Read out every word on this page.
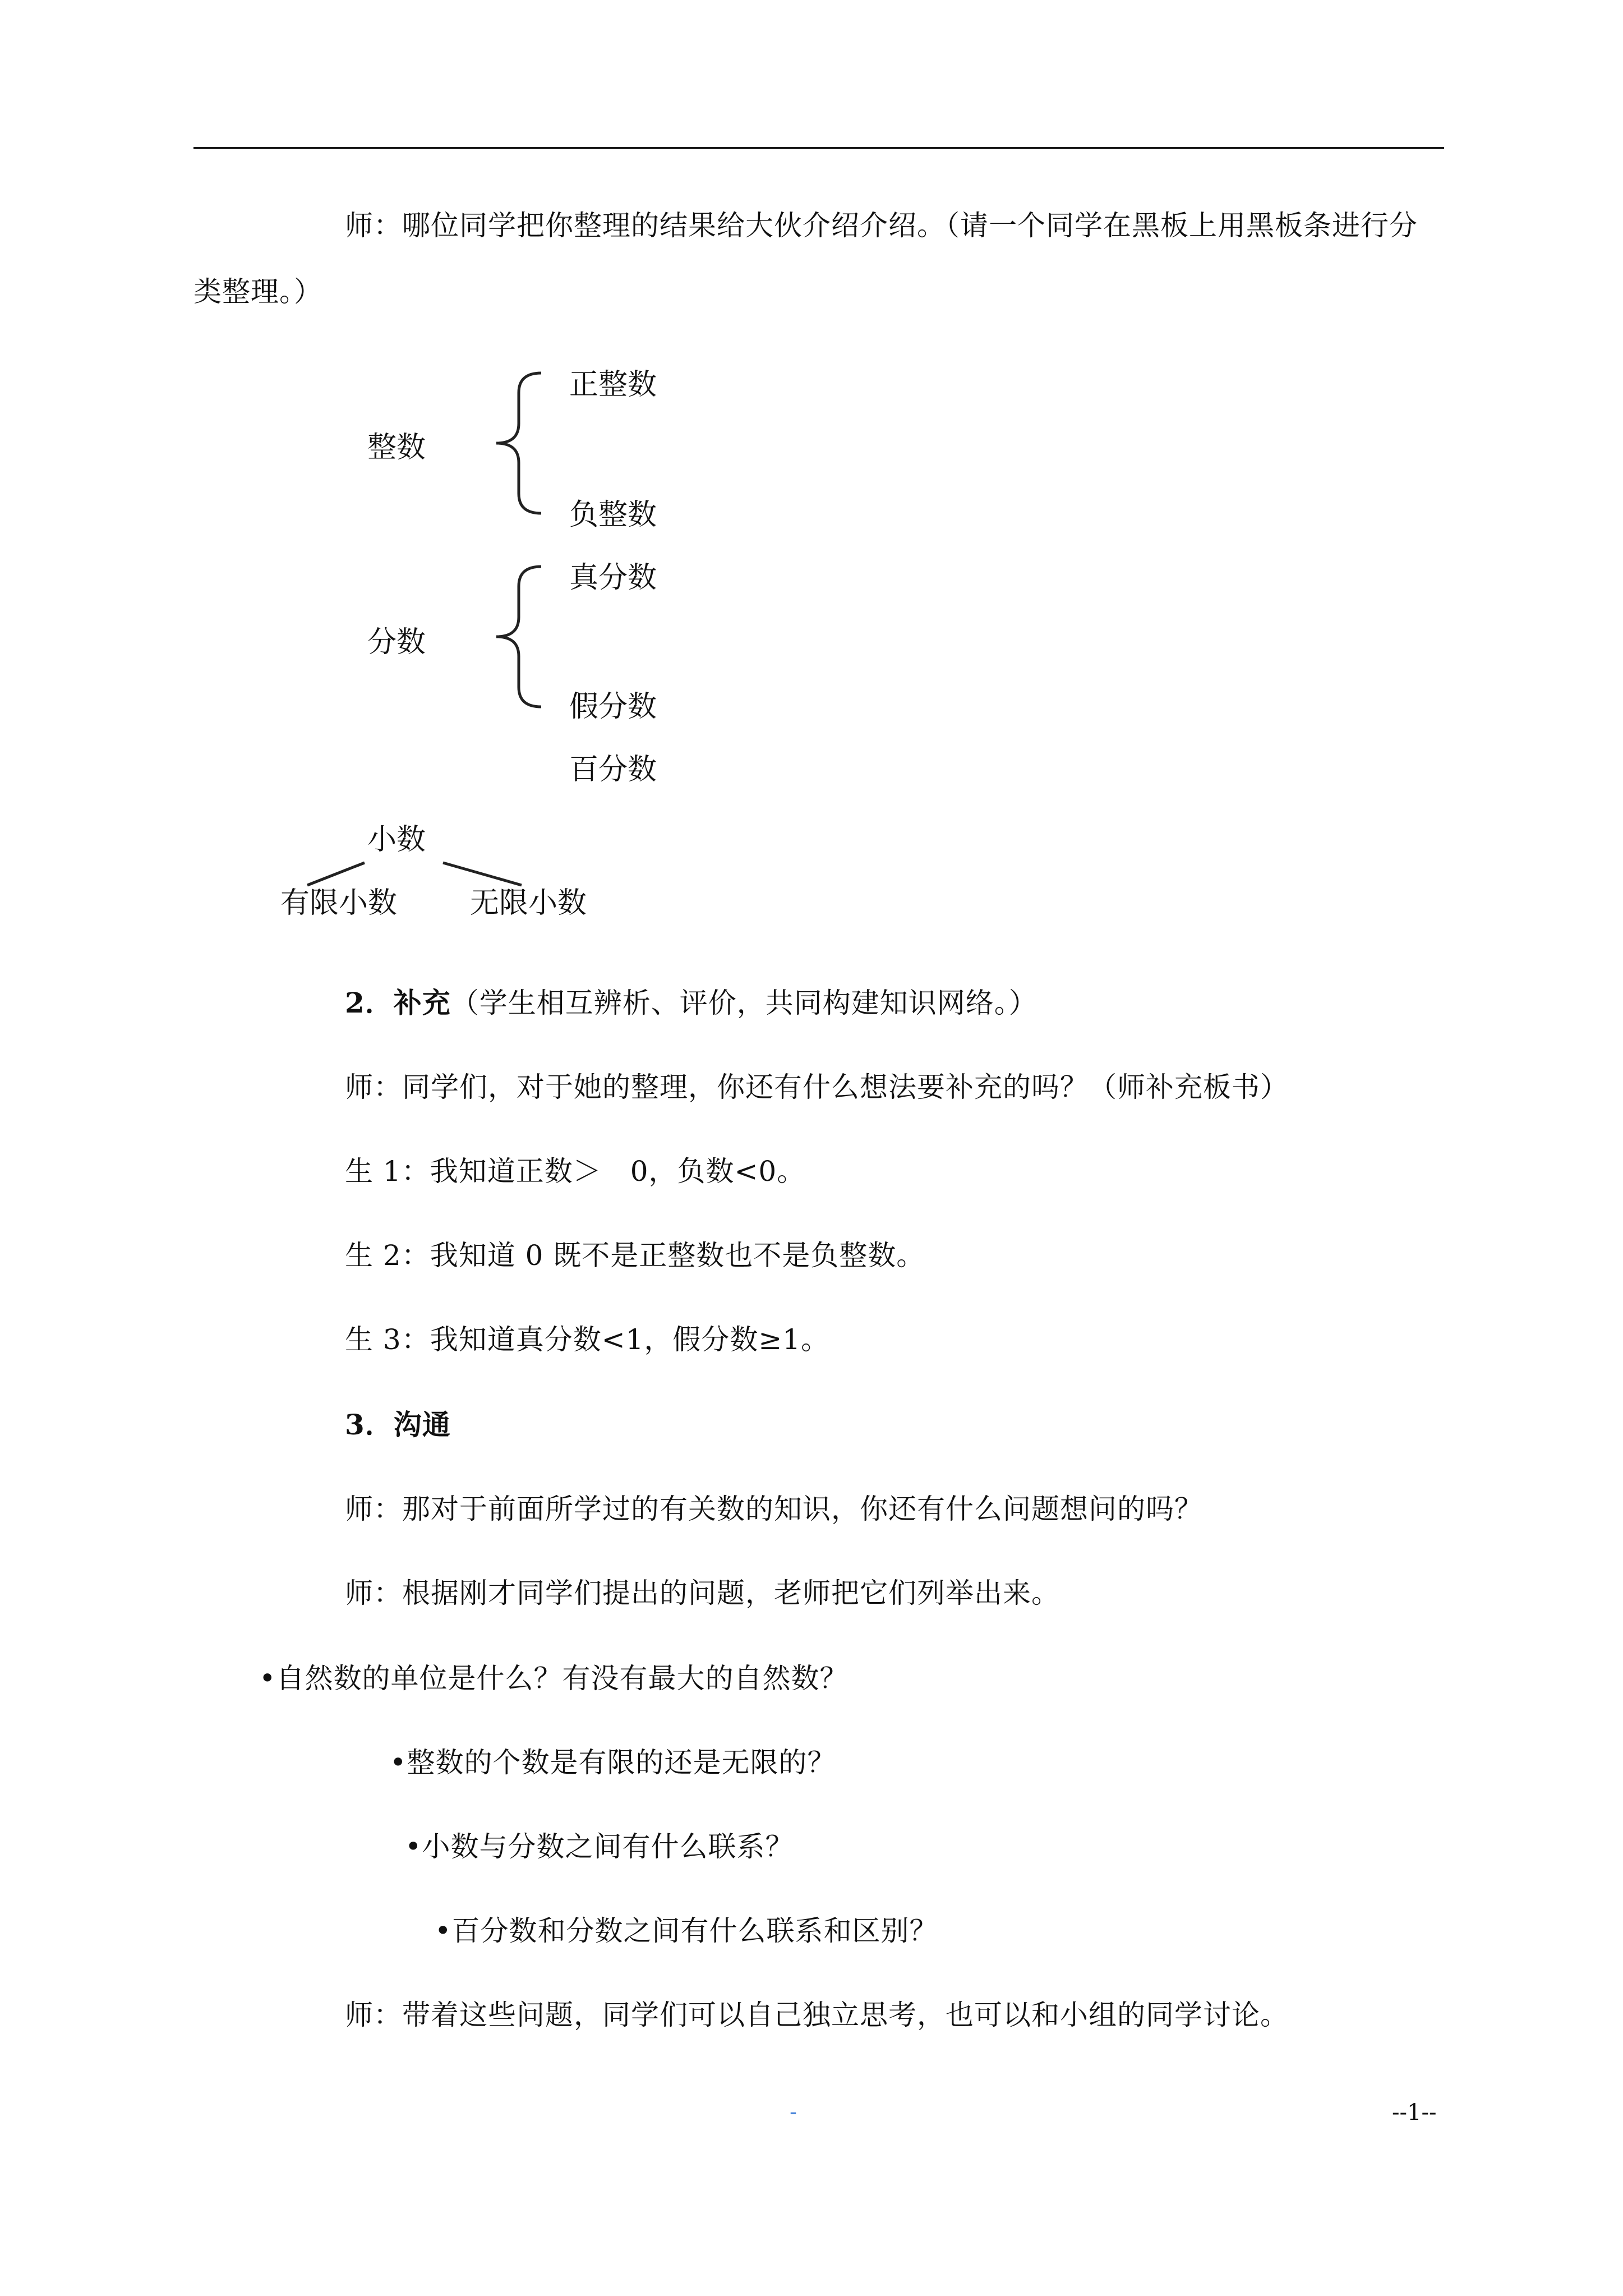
师：哪位同学把你整理的结果给大伙介绍介绍。（请一个同学在黑板上用黑板条进行分
类整理。）
整数
正整数
负整数
分数
真分数
假分数
百分数
小数
有限小数 无限小数
2．补充（学生相互辨析、评价，共同构建知识网络。）
师：同学们，对于她的整理，你还有什么想法要补充的吗？（师补充板书）
生 1：我知道正数＞　0，负数<0。
生 2：我知道 0 既不是正整数也不是负整数。
生 3：我知道真分数<1，假分数≥1。
3．沟通
师：那对于前面所学过的有关数的知识，你还有什么问题想问的吗？
师：根据刚才同学们提出的问题，老师把它们列举出来。
•自然数的单位是什么？有没有最大的自然数？
•整数的个数是有限的还是无限的？
•小数与分数之间有什么联系？
•百分数和分数之间有什么联系和区别？
师：带着这些问题，同学们可以自己独立思考，也可以和小组的同学讨论。
-	--1--
